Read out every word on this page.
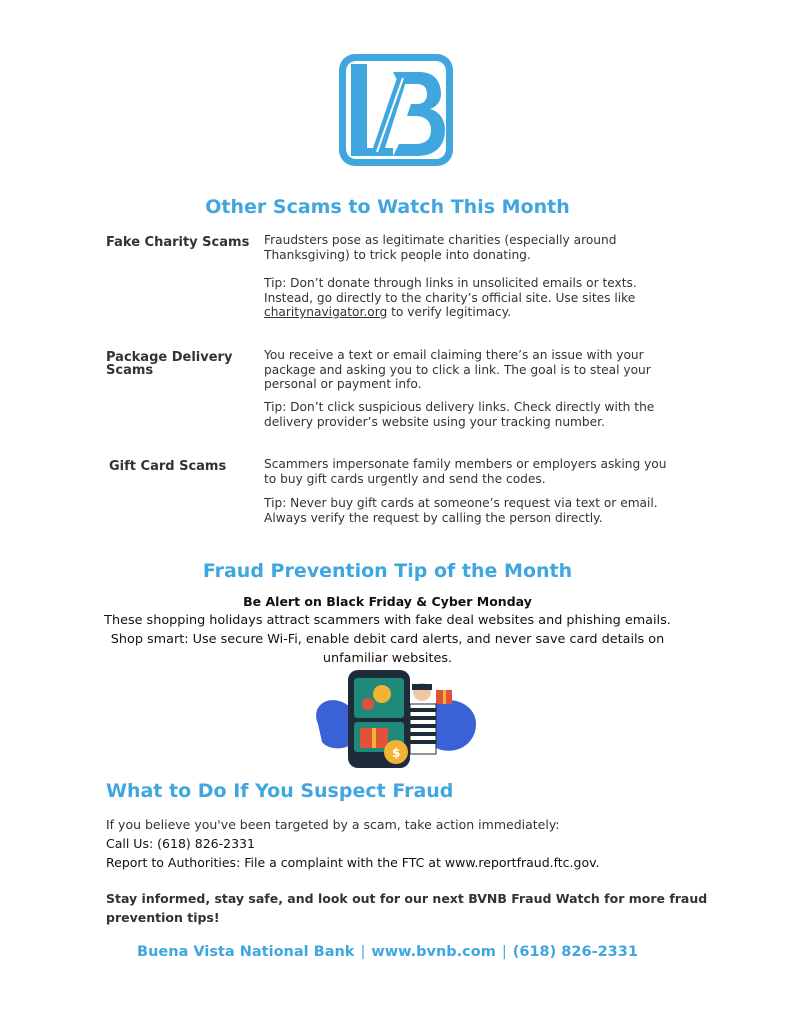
Other Scams to Watch This Month
Fake Charity Scams Fraudsters pose as legitimate charities (especially around
Thanksgiving) to trick people into donating.
Tip: Don’t donate through links in unsolicited emails or texts.
Instead, go directly to the charity’s official site. Use sites like
charitynavigator.org to verify legitimacy.
Package Delivery
Scams
You receive a text or email claiming there’s an issue with your
package and asking you to click a link. The goal is to steal your
personal or payment info.
Tip: Don’t click suspicious delivery links. Check directly with the
delivery provider’s website using your tracking number.
Gift Card Scams	Scammers impersonate family members or employers asking you
to buy gift cards urgently and send the codes.
Tip: Never buy gift cards at someone’s request via text or email.
Always verify the request by calling the person directly.
Fraud Prevention Tip of the Month
Be Alert on Black Friday & Cyber Monday
These shopping holidays attract scammers with fake deal websites and phishing emails.
Shop smart: Use secure Wi-Fi, enable debit card alerts, and never save card details on
unfamiliar websites.
$
What to Do If You Suspect Fraud
If you believe you've been targeted by a scam, take action immediately:
Call Us: (618) 826-2331
Report to Authorities: File a complaint with the FTC at www.reportfraud.ftc.gov.
Stay informed, stay safe, and look out for our next BVNB Fraud Watch for more fraud
prevention tips!
Buena Vista National Bank | www.bvnb.com | (618) 826-2331
